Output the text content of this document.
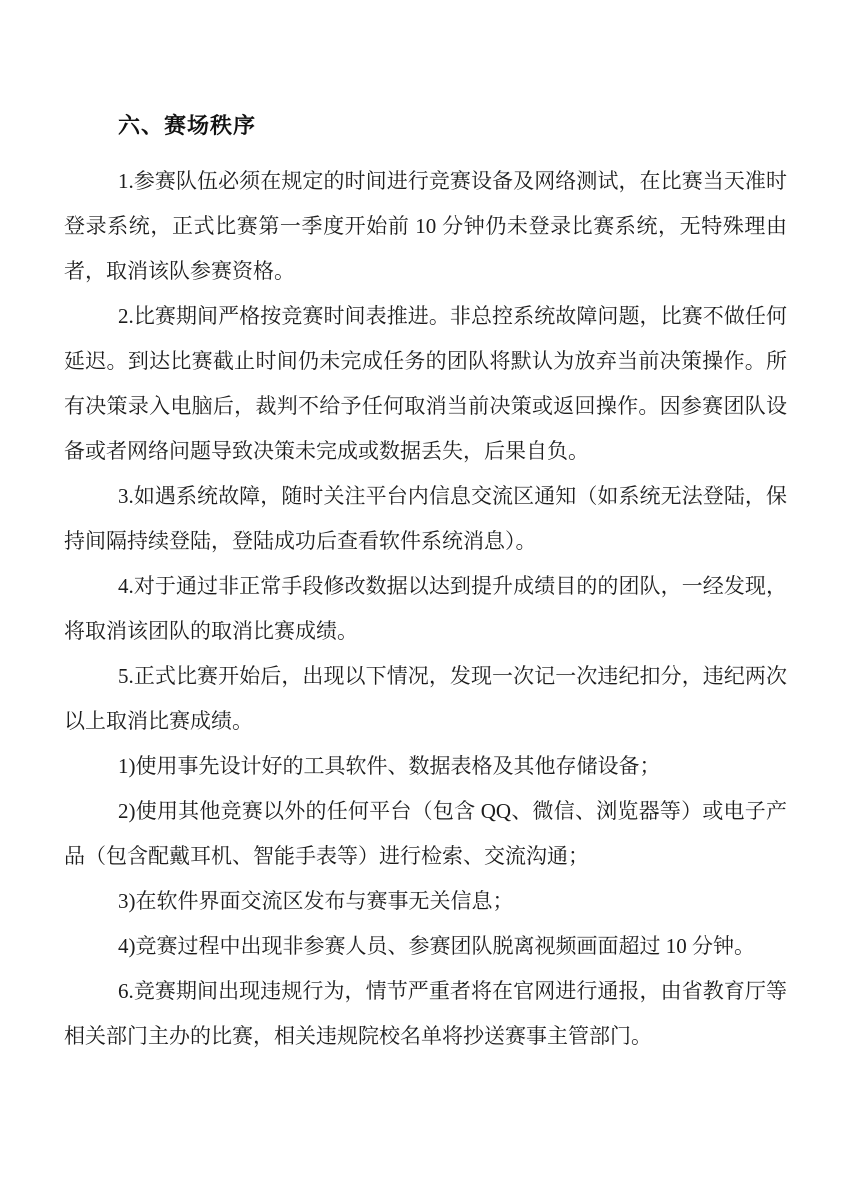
六、赛场秩序

1.参赛队伍必须在规定的时间进行竞赛设备及网络测试，在比赛当天准时登录系统，正式比赛第一季度开始前 10 分钟仍未登录比赛系统，无特殊理由者，取消该队参赛资格。

2.比赛期间严格按竞赛时间表推进。非总控系统故障问题，比赛不做任何延迟。到达比赛截止时间仍未完成任务的团队将默认为放弃当前决策操作。所有决策录入电脑后，裁判不给予任何取消当前决策或返回操作。因参赛团队设备或者网络问题导致决策未完成或数据丢失，后果自负。

3.如遇系统故障，随时关注平台内信息交流区通知（如系统无法登陆，保持间隔持续登陆，登陆成功后查看软件系统消息）。

4.对于通过非正常手段修改数据以达到提升成绩目的的团队，一经发现，将取消该团队的取消比赛成绩。

5.正式比赛开始后，出现以下情况，发现一次记一次违纪扣分，违纪两次以上取消比赛成绩。

1)使用事先设计好的工具软件、数据表格及其他存储设备；

2)使用其他竞赛以外的任何平台（包含 QQ、微信、浏览器等）或电子产品（包含配戴耳机、智能手表等）进行检索、交流沟通；

3)在软件界面交流区发布与赛事无关信息；

4)竞赛过程中出现非参赛人员、参赛团队脱离视频画面超过 10 分钟。

6.竞赛期间出现违规行为，情节严重者将在官网进行通报，由省教育厅等相关部门主办的比赛，相关违规院校名单将抄送赛事主管部门。
